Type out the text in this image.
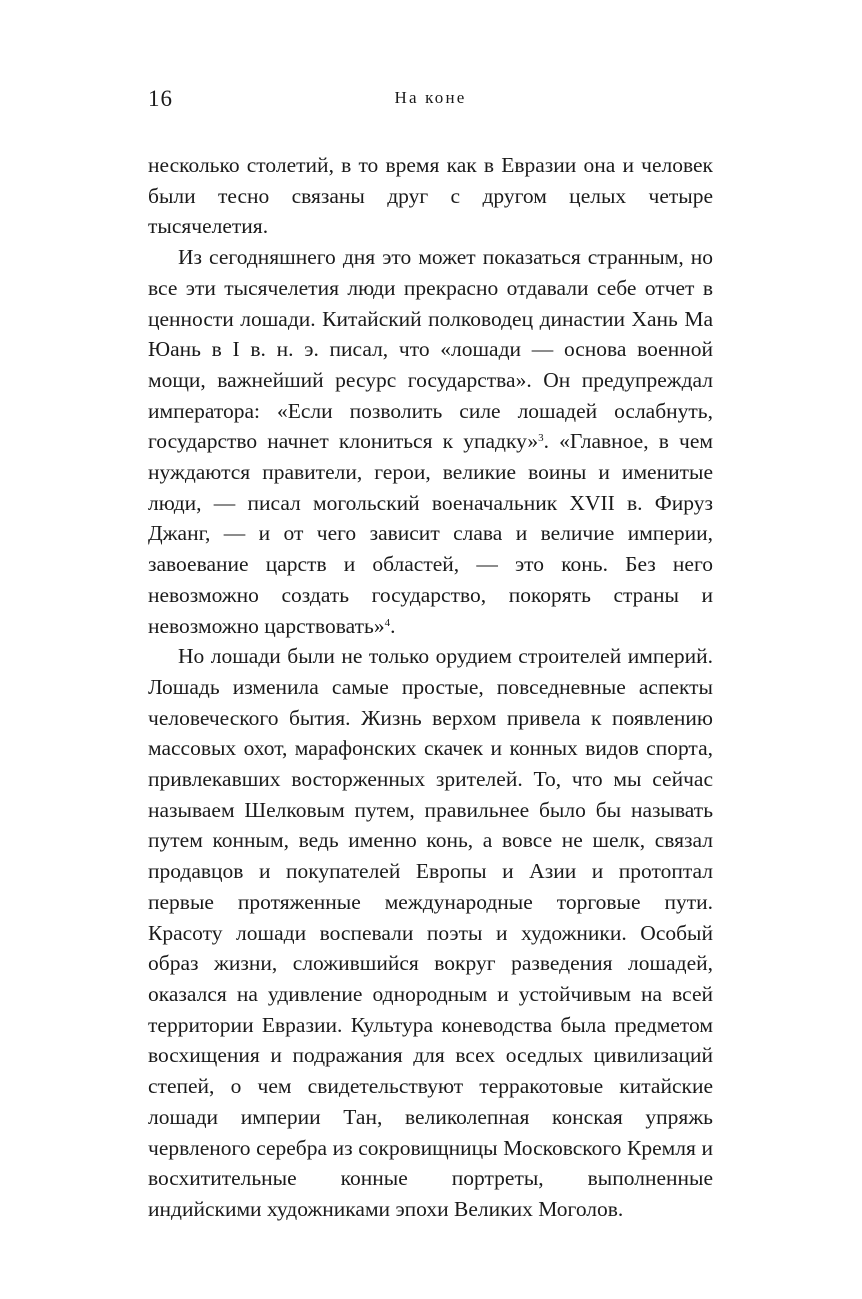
16	На коне

несколько столетий, в то время как в Евразии она и человек были тесно связаны друг с другом целых четыре тысячелетия.

Из сегодняшнего дня это может показаться странным, но все эти тысячелетия люди прекрасно отдавали себе отчет в ценности лошади. Китайский полководец династии Хань Ма Юань в I в. н. э. писал, что «лошади — основа военной мощи, важнейший ресурс государства». Он предупреждал императора: «Если позволить силе лошадей ослабнуть, государство начнет клониться к упадку»$^3$. «Главное, в чем нуждаются правители, герои, великие воины и именитые люди, — писал могольский военачальник XVII в. Фируз Джанг, — и от чего зависит слава и величие империи, завоевание царств и областей, — это конь. Без него невозможно создать государство, покорять страны и невозможно царствовать»$^4$.

Но лошади были не только орудием строителей империй. Лошадь изменила самые простые, повседневные аспекты человеческого бытия. Жизнь верхом привела к появлению массовых охот, марафонских скачек и конных видов спорта, привлекавших восторженных зрителей. То, что мы сейчас называем Шелковым путем, правильнее было бы называть путем конным, ведь именно конь, а вовсе не шелк, связал продавцов и покупателей Европы и Азии и протоптал первые протяженные международные торговые пути. Красоту лошади воспевали поэты и художники. Особый образ жизни, сложившийся вокруг разведения лошадей, оказался на удивление однородным и устойчивым на всей территории Евразии. Культура коневодства была предметом восхищения и подражания для всех оседлых цивилизаций степей, о чем свидетельствуют терракотовые китайские лошади империи Тан, великолепная конская упряжь червленого серебра из сокровищницы Московского Кремля и восхитительные конные портреты, выполненные индийскими художниками эпохи Великих Моголов.
